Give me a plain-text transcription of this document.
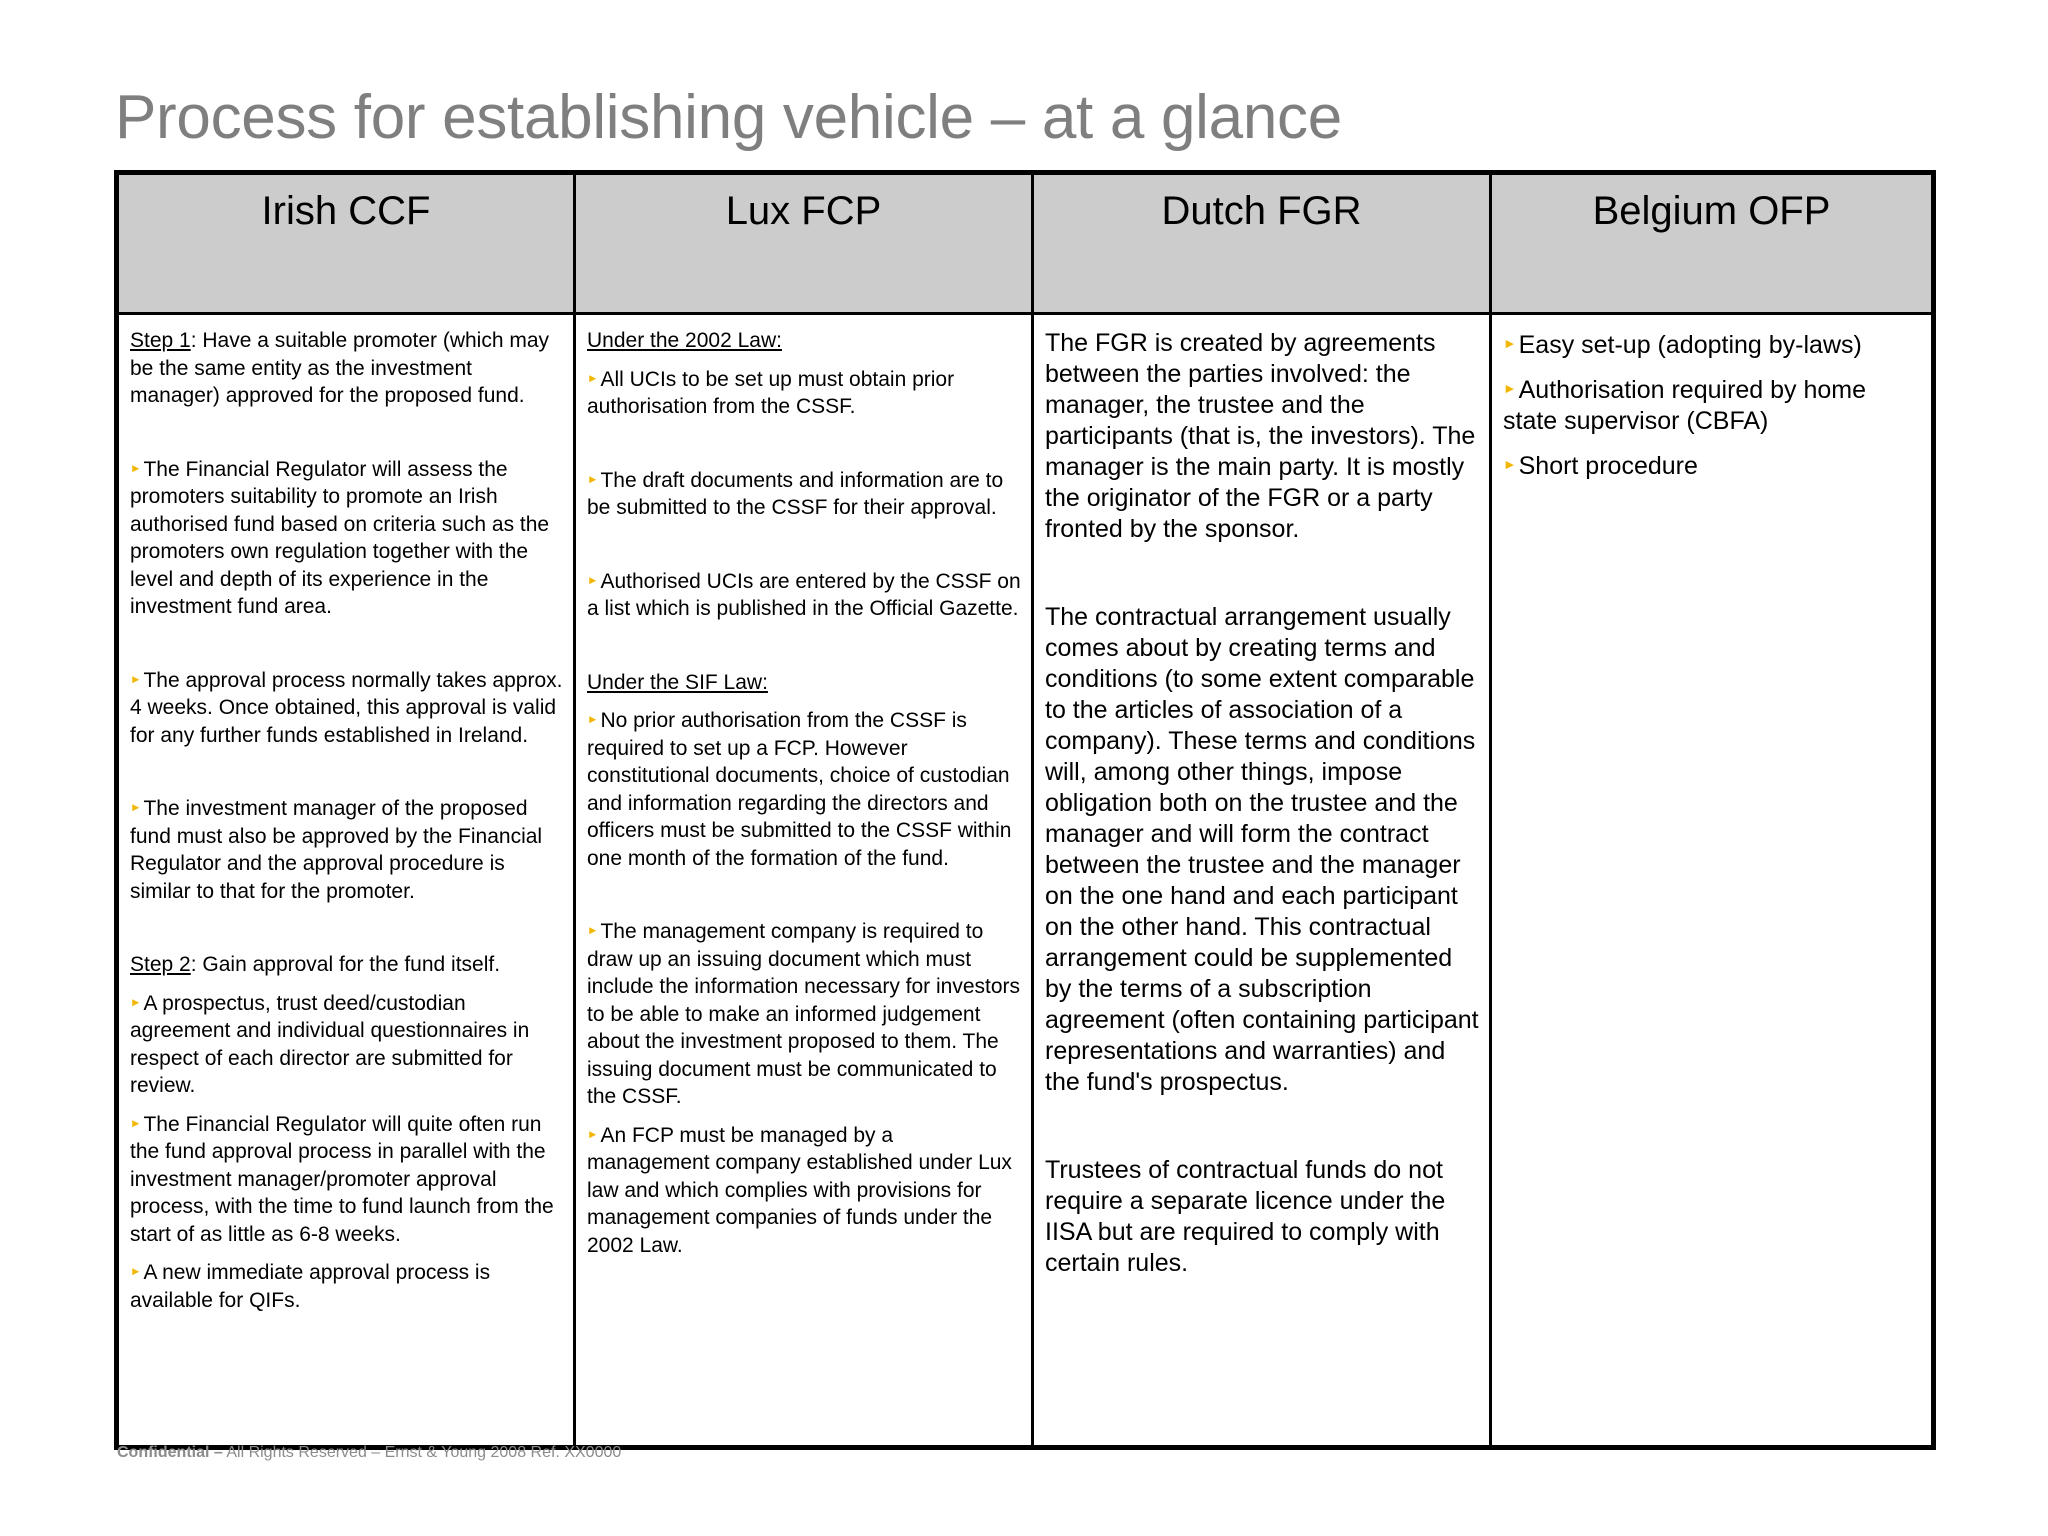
Process for establishing vehicle – at a glance
Irish CCF

Step 1: Have a suitable promoter (which may be the same entity as the investment manager) approved for the proposed fund.

►The Financial Regulator will assess the promoters suitability to promote an Irish authorised fund based on criteria such as the promoters own regulation together with the level and depth of its experience in the investment fund area.

►The approval process normally takes approx. 4 weeks. Once obtained, this approval is valid for any further funds established in Ireland.

►The investment manager of the proposed fund must also be approved by the Financial Regulator and the approval procedure is similar to that for the promoter.

Step 2: Gain approval for the fund itself.

►A prospectus, trust deed/custodian agreement and individual questionnaires in respect of each director are submitted for review.

►The Financial Regulator will quite often run the fund approval process in parallel with the investment manager/promoter approval process, with the time to fund launch from the start of as little as 6-8 weeks.

►A new immediate approval process is available for QIFs.

Lux FCP

Under the 2002 Law:

►All UCIs to be set up must obtain prior authorisation from the CSSF.

►The draft documents and information are to be submitted to the CSSF for their approval.

►Authorised UCIs are entered by the CSSF on a list which is published in the Official Gazette.

Under the SIF Law:

►No prior authorisation from the CSSF is required to set up a FCP. However constitutional documents, choice of custodian and information regarding the directors and officers must be submitted to the CSSF within one month of the formation of the fund.

►The management company is required to draw up an issuing document which must include the information necessary for investors to be able to make an informed judgement about the investment proposed to them. The issuing document must be communicated to the CSSF.

►An FCP must be managed by a management company established under Lux law and which complies with provisions for management companies of funds under the 2002 Law.

Dutch FGR

The FGR is created by agreements between the parties involved: the manager, the trustee and the participants (that is, the investors). The manager is the main party. It is mostly the originator of the FGR or a party fronted by the sponsor.

The contractual arrangement usually comes about by creating terms and conditions (to some extent comparable to the articles of association of a company). These terms and conditions will, among other things, impose obligation both on the trustee and the manager and will form the contract between the trustee and the manager on the one hand and each participant on the other hand. This contractual arrangement could be supplemented by the terms of a subscription agreement (often containing participant representations and warranties) and the fund's prospectus.

Trustees of contractual funds do not require a separate licence under the IISA but are required to comply with certain rules.

Belgium OFP

►Easy set-up (adopting by-laws)

►Authorisation required by home state supervisor (CBFA)

►Short procedure

Confidential – All Rights Reserved – Ernst & Young 2008 Ref. XX0000
